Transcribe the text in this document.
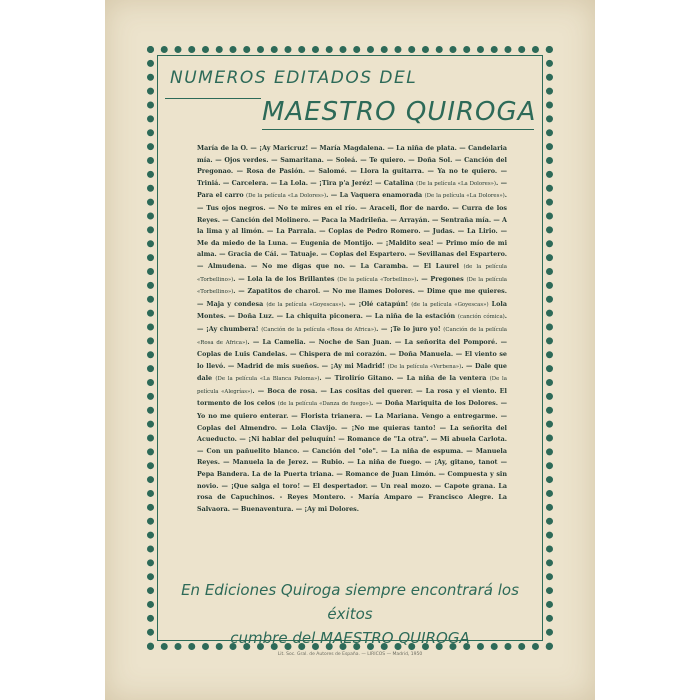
NUMEROS EDITADOS DEL
MAESTRO QUIROGA
María de la O. — ¡Ay Maricruz! — María Magdalena. — La niña de plata. — Candelaria mía. — Ojos verdes. — Samaritana. — Soleá. — Te quiero. — Doña Sol. — Canción del Pregonao. — Rosa de Pasión. — Salomé. — Llora la guitarra. — Ya no te quiero. — Triniá. — Carcelera. — La Lola. — ¡Tira p'a Jeréz! — Catalina (De la película «La Dolores»). — Para el carro (De la película «La Dolores»). — La Vaquera enamorada (De la película «La Dolores»). — Tus ojos negros. — No te mires en el río. — Araceli, flor de nardo. — Curra de los Reyes. — Canción del Molinero. — Paca la Madrileña. — Arrayán. — Sentraña mía. — A la lima y al limón. — La Parrala. — Coplas de Pedro Romero. — Judas. — La Lirio. — Me da miedo de la Luna. — Eugenia de Montijo. — ¡Maldito sea! — Primo mío de mi alma. — Gracia de Cái. — Tatuaje. — Coplas del Espartero. — Sevillanas del Espartero. — Almudena. — No me digas que no. — La Caramba. — El Laurel (de la película «Torbellino»). — Lola la de los Brillantes (De la película «Torbellino»). — Pregones (De la película «Torbellino»). — Zapatitos de charol. — No me llames Dolores. — Dime que me quieres. — Maja y condesa (de la película «Goyescas»). — ¡Olé catapún! (de la película «Goyescas») Lola Montes. — Doña Luz. — La chiquita piconera. — La niña de la estación (canción cómica). — ¡Ay chumbera! (Canción de la película «Rosa de Africa»). — ¡Te lo juro yo! (Canción de la película «Rosa de Africa»). — La Camelia. — Noche de San Juan. — La señorita del Pomporé. — Coplas de Luis Candelas. — Chispera de mi corazón. — Doña Manuela. — El viento se lo llevó. — Madrid de mis sueños. — ¡Ay mi Madrid! (De la película «Verbena»). — Dale que dale (De la película «La Blanca Paloma»). — Tirolirío Gitano. — La niña de la ventera (De la película «Alegrías»). — Boca de rosa. — Las cositas del querer. — La rosa y el viento. El tormento de los celos (de la película «Danza de fuego»). — Doña Mariquita de los Dolores. — Yo no me quiero enterar. — Florista trianera. — La Mariana. Vengo a entregarme. — Coplas del Almendro. — Lola Clavijo. — ¡No me quieras tanto! — La señorita del Acueducto. — ¡Ni hablar del peluquín! — Romance de "La otra". — Mi abuela Carlota. — Con un pañuelito blanco. — Canción del "ole". — La niña de espuma. — Manuela Reyes. — Manuela la de Jerez. — Rubio. — La niña de fuego. — ¡Ay, gitano, tanot — Pepa Bandera. La de la Puerta triana. — Romance de Juan Limón. — Compuesta y sin novio. — ¡Que salga el toro! — El despertador. — Un real mozo. — Capote grana. La rosa de Capuchinos. - Reyes Montero. - María Amparo — Francisco Alegre. La Salvaora. — Buenaventura. — ¡Ay mi Dolores.
En Ediciones Quiroga siempre encontrará los éxitos
cumbre del MAESTRO QUIROGA
Lit. Soc. Gral. de Autores de España. — LIRICOS — Madrid, 1950
